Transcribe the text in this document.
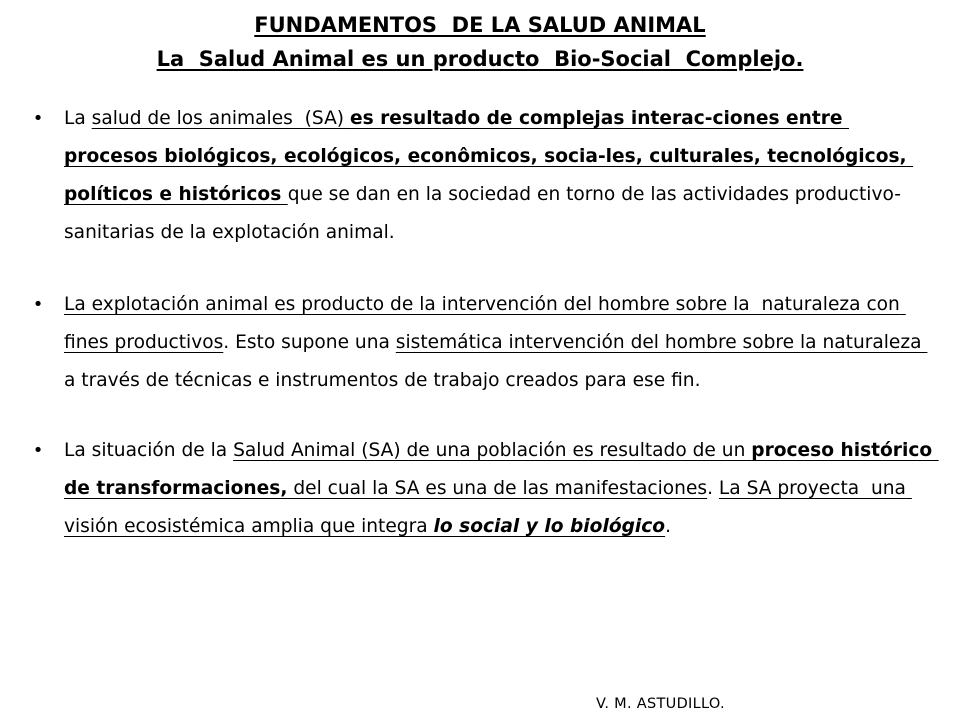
FUNDAMENTOS  DE LA SALUD ANIMAL
La  Salud Animal es un producto  Bio-Social  Complejo.
• La salud de los animales  (SA) es resultado de complejas interac-ciones entre procesos biológicos, ecológicos, econômicos, socia-les, culturales, tecnológicos, políticos e históricos que se dan en la sociedad en torno de las actividades productivo-sanitarias de la explotación animal.
• La explotación animal es producto de la intervención del hombre sobre la  naturaleza con fines productivos. Esto supone una sistemática intervención del hombre sobre la naturaleza a través de técnicas e instrumentos de trabajo creados para ese fin.
• La situación de la Salud Animal (SA) de una población es resultado de un proceso histórico de transformaciones, del cual la SA es una de las manifestaciones. La SA proyecta  una visión ecosistémica amplia que integra lo social y lo biológico.
V. M. ASTUDILLO.
